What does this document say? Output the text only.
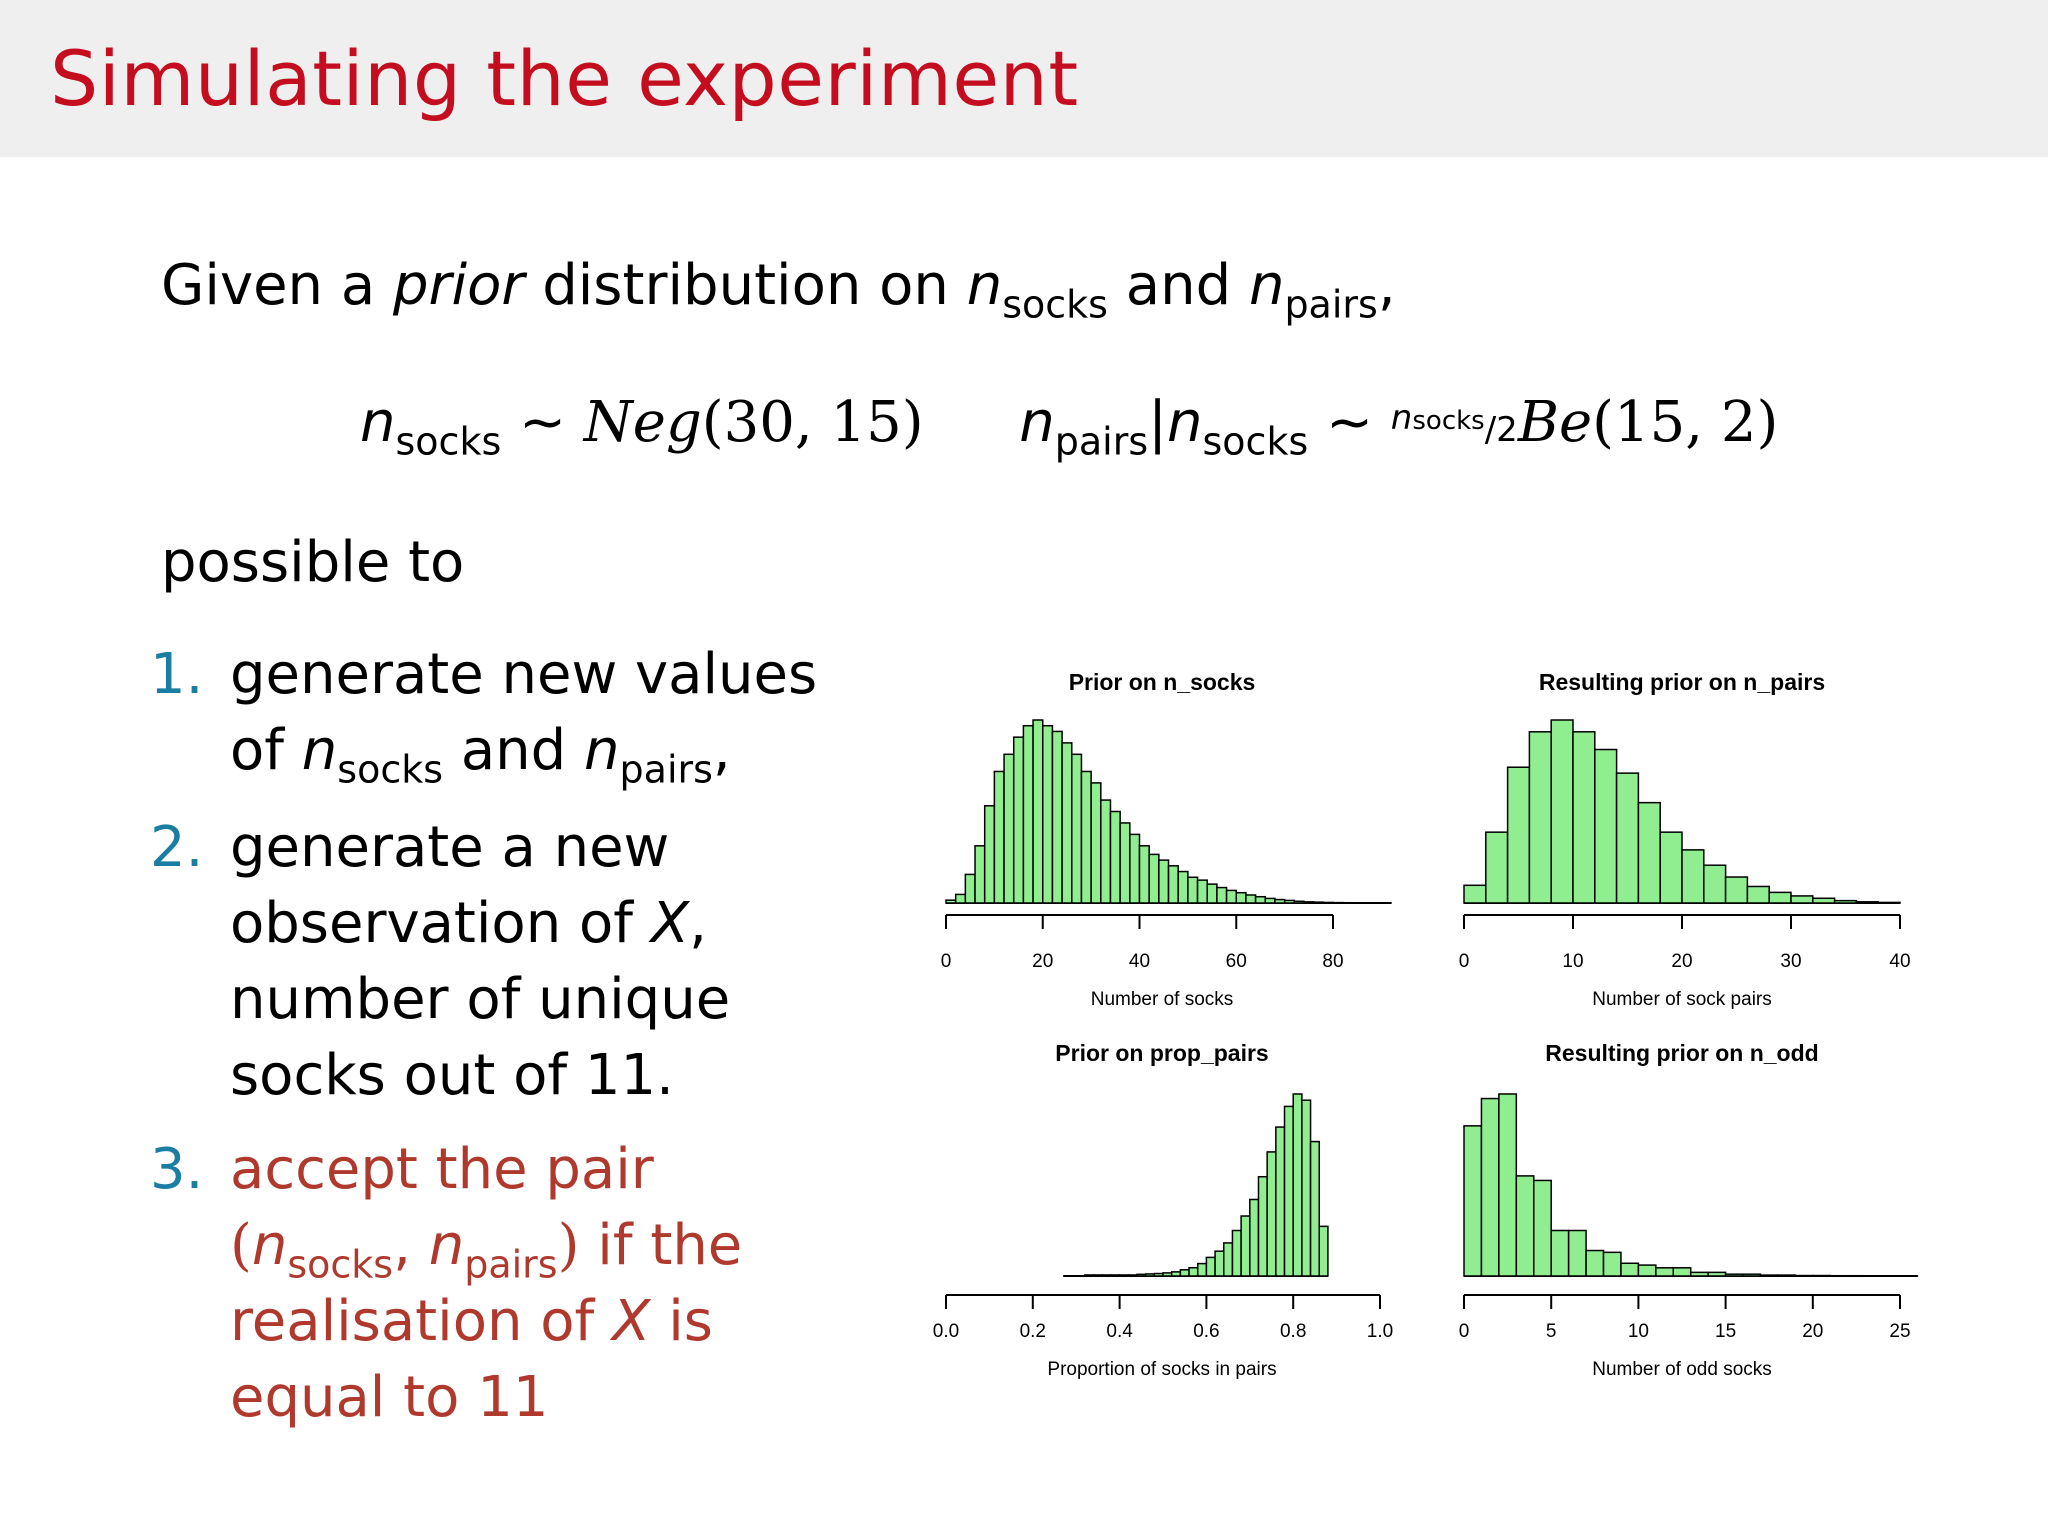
Simulating the experiment
Given a prior distribution on $n_{socks}$ and $n_{pairs}$,
$n_{socks}$ ~ Neg(30, 15) $n_{pairs}|n_{socks}$ ~ $^{nsocks}$/2Be(15, 2)
possible to
1. generate new values
of $n_{socks}$ and $n_{pairs}$,
2. generate a new
observation of X,
number of unique
socks out of 11.
3. accept the pair
($n_{socks}$, $n_{pairs}$) if the
realisation of X is
equal to 11
0	20	40	60	80
Prior on n_socks
Number of socks
0	10	20	30	40
Resulting prior on n_pairs
Number of sock pairs
0.0	0.2	0.4	0.6	0.8	1.0
Prior on prop_pairs
Proportion of socks in pairs
0	5	10	15	20	25
Resulting prior on n_odd
Number of odd socks
